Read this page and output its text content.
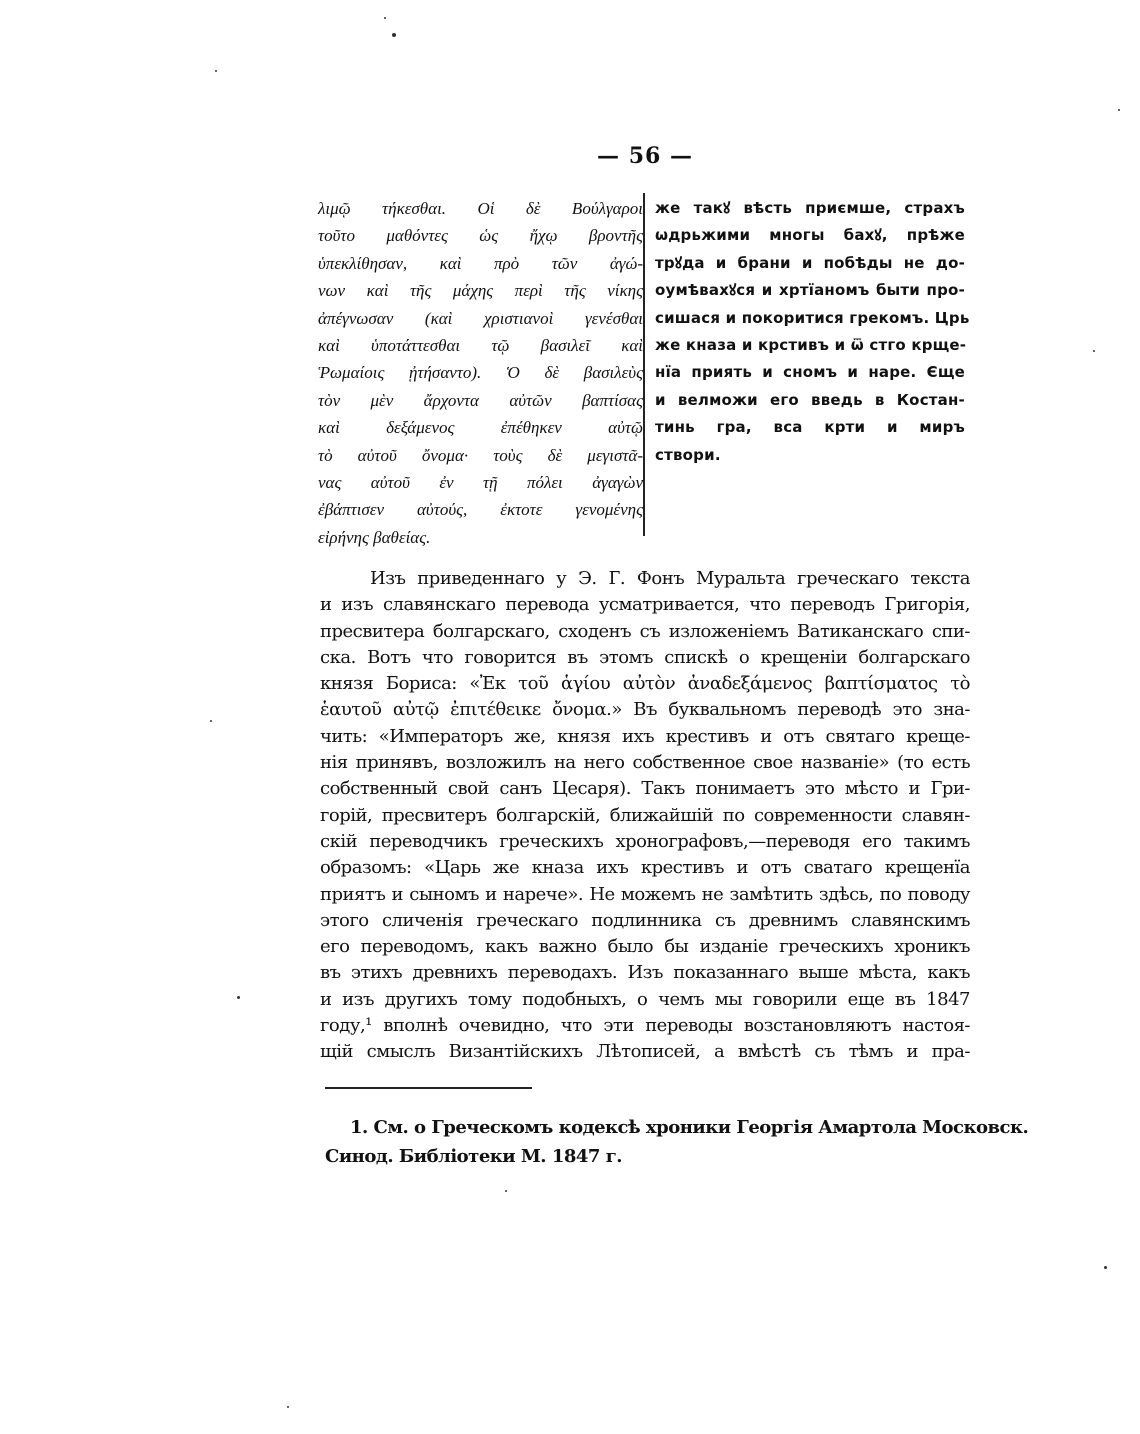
— 56 —
λιμῷ τήκεσθαι. Οἱ δὲ Βούλγαροι
τοῦτο μαθόντες ὡς ἤχῳ βροντῆς
ὑπεκλίθησαν, καὶ πρὸ τῶν ἀγώ-
νων καὶ τῆς μάχης περὶ τῆς νίκης
ἀπέγνωσαν (καὶ χριστιανοὶ γενέσθαι
καὶ ὑποτάττεσθαι τῷ βασιλεῖ καὶ
Ῥωμαίοις ᾐτήσαντο). Ὁ δὲ βασιλεὺς
τὸν μὲν ἄρχοντα αὐτῶν βαπτίσας
καὶ δεξάμενος ἐπέθηκεν αὐτῷ
τὸ αὐτοῦ ὄνομα· τοὺς δὲ μεγιστᾶ-
νας αὐτοῦ ἐν τῇ πόλει ἀγαγὼν
ἐβάπτισεν αὐτούς, ἐκτοτε γενομένης
εἰρήνης βαθείας.
же такꙋ вѣсть приємше, страхъ
ѡдрьжими многы бахꙋ, прѣже
трꙋда и брани и побѣды не до-
оумѣвахꙋся и хртїаномъ быти про-
сишася и покоритися грекомъ. Црь
же кназа и крстивъ и ѿ стго крще-
нїа приять и сномъ и наре. Єще
и велможи его введь в Костан-
тинь гра, вса крти и миръ
створи.
Изъ приведеннаго у Э. Г. Фонъ Муральта греческаго текста
и изъ славянскаго перевода усматривается, что переводъ Григорія,
пресвитера болгарскаго, сходенъ съ изложеніемъ Ватиканскаго спи-
ска. Вотъ что говорится въ этомъ спискѣ о крещеніи болгарскаго
князя Бориса: «Ἐκ τοῦ ἁγίου αὐτὸν ἀναδεξάμενος βαπτίσματος τὸ
ἑαυτοῦ αὐτῷ ἐπιτέθεικε ὄνομα.» Въ буквальномъ переводѣ это зна-
чить: «Императоръ же, князя ихъ крестивъ и отъ святаго креще-
нія принявъ, возложилъ на него собственное свое названіе» (то есть
собственный свой санъ Цесаря). Такъ понимаетъ это мѣсто и Гри-
горій, пресвитеръ болгарскій, ближайшій по современности славян-
скій переводчикъ греческихъ хронографовъ,—переводя его такимъ
образомъ: «Царь же кназа ихъ крестивъ и отъ сватаго крещенїа
приятъ и сыномъ и нарече». Не можемъ не замѣтить здѣсь, по поводу
этого сличенія греческаго подлинника съ древнимъ славянскимъ
его переводомъ, какъ важно было бы изданіе греческихъ хроникъ
въ этихъ древнихъ переводахъ. Изъ показаннаго выше мѣста, какъ
и изъ другихъ тому подобныхъ, о чемъ мы говорили еще въ 1847
году,¹ вполнѣ очевидно, что эти переводы возстановляютъ настоя-
щій смыслъ Византійскихъ Лѣтописей, а вмѣстѣ съ тѣмъ и пра-
1. См. о Греческомъ кодексѣ хроники Георгія Амартола Московск.
Синод. Библіотеки М. 1847 г.
